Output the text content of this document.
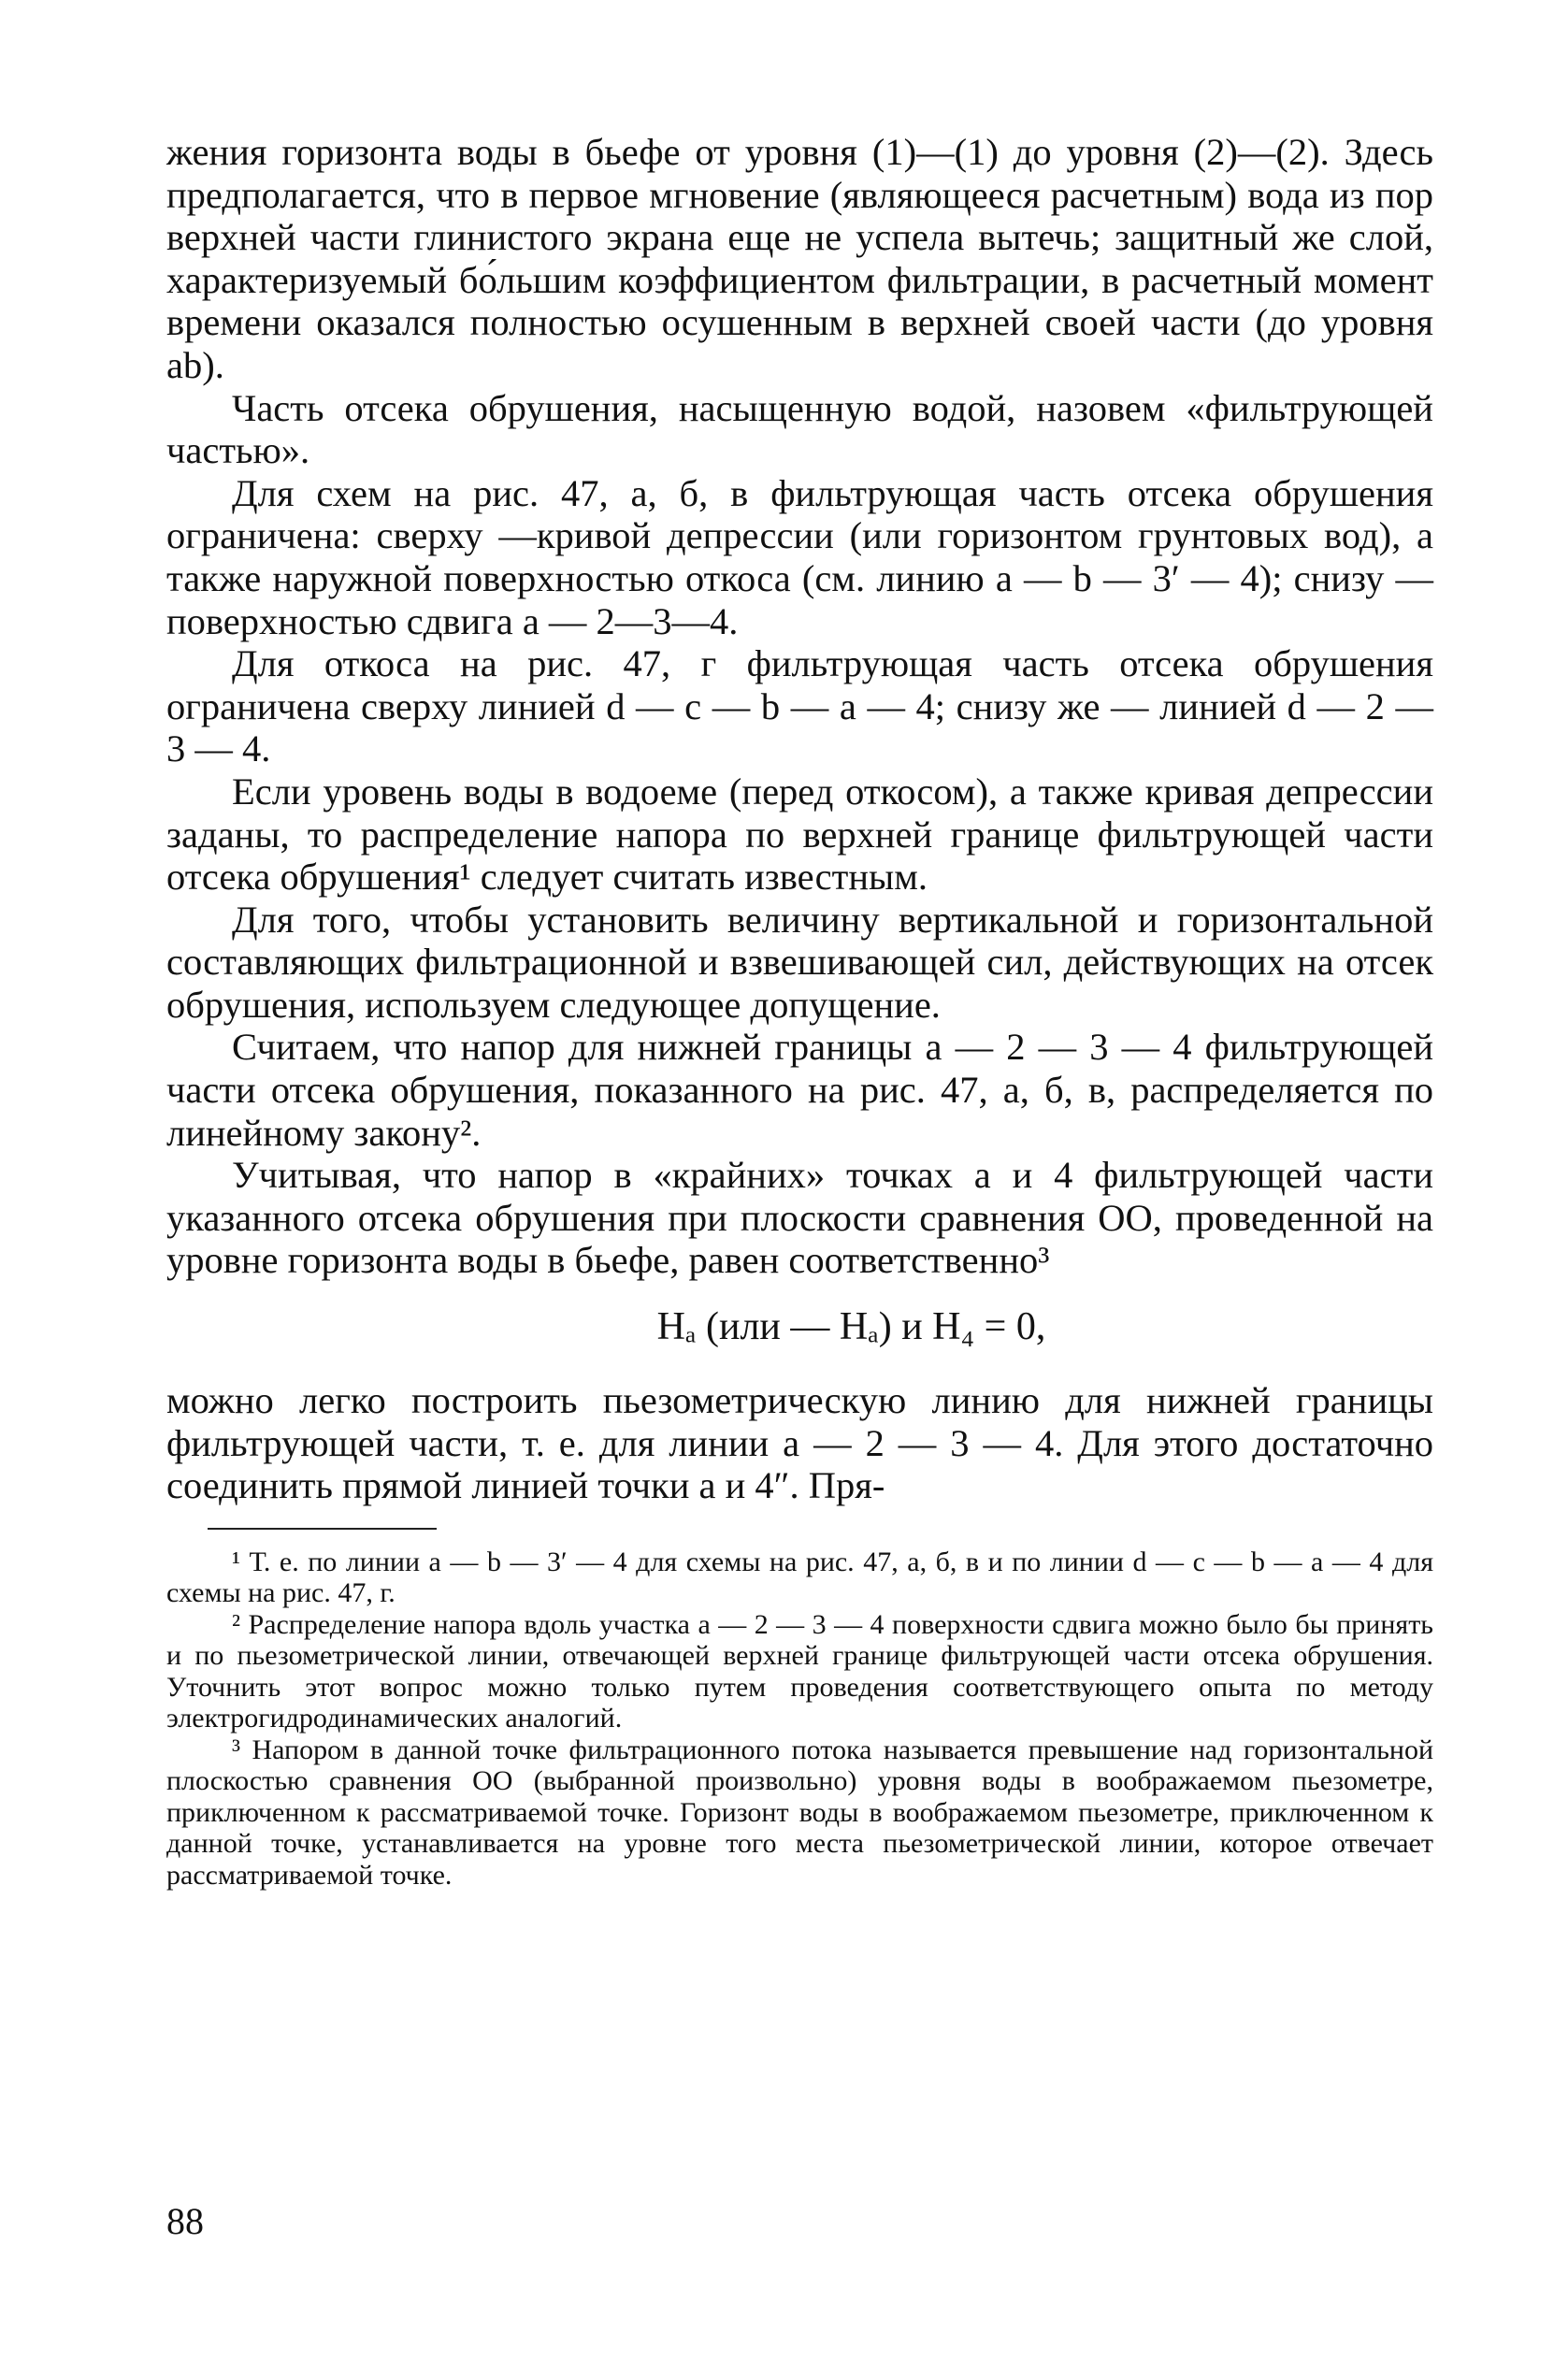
жения горизонта воды в бьефе от уровня (1)—(1) до уровня (2)—(2). Здесь предполагается, что в первое мгновение (являющееся расчетным) вода из пор верхней части глинистого экрана еще не успела вытечь; защитный же слой, характеризуемый бо́льшим коэффициентом фильтрации, в расчетный момент времени оказался полностью осушенным в верхней своей части (до уровня ab).

Часть отсека обрушения, насыщенную водой, назовем «фильтрующей частью».

Для схем на рис. 47, а, б, в фильтрующая часть отсека обрушения ограничена: сверху —кривой депрессии (или горизонтом грунтовых вод), а также наружной поверхностью откоса (см. линию а — b — 3′ — 4); снизу —поверхностью сдвига а — 2—3—4.

Для откоса на рис. 47, г фильтрующая часть отсека обрушения ограничена сверху линией d — c — b — a — 4; снизу же — линией d — 2 — 3 — 4.

Если уровень воды в водоеме (перед откосом), а также кривая депрессии заданы, то распределение напора по верхней границе фильтрующей части отсека обрушения¹ следует считать известным.

Для того, чтобы установить величину вертикальной и горизонтальной составляющих фильтрационной и взвешивающей сил, действующих на отсек обрушения, используем следующее допущение.

Считаем, что напор для нижней границы а — 2 — 3 — 4 фильтрующей части отсека обрушения, показанного на рис. 47, а, б, в, распределяется по линейному закону².

Учитывая, что напор в «крайних» точках а и 4 фильтрующей части указанного отсека обрушения при плоскости сравнения OO, проведенной на уровне горизонта воды в бьефе, равен соответственно³

Hₐ (или — Hₐ) и H₄ = 0,

можно легко построить пьезометрическую линию для нижней границы фильтрующей части, т. е. для линии а — 2 — 3 — 4. Для этого достаточно соединить прямой линией точки а и 4″. Пря-

¹ Т. е. по линии а — b — 3′ — 4 для схемы на рис. 47, а, б, в и по линии d — c — b — a — 4 для схемы на рис. 47, г.

² Распределение напора вдоль участка а — 2 — 3 — 4 поверхности сдвига можно было бы принять и по пьезометрической линии, отвечающей верхней границе фильтрующей части отсека обрушения. Уточнить этот вопрос можно только путем проведения соответствующего опыта по методу электрогидродинамических аналогий.

³ Напором в данной точке фильтрационного потока называется превышение над горизонтальной плоскостью сравнения OO (выбранной произвольно) уровня воды в воображаемом пьезометре, приключенном к рассматриваемой точке. Горизонт воды в воображаемом пьезометре, приключенном к данной точке, устанавливается на уровне того места пьезометрической линии, которое отвечает рассматриваемой точке.

88
